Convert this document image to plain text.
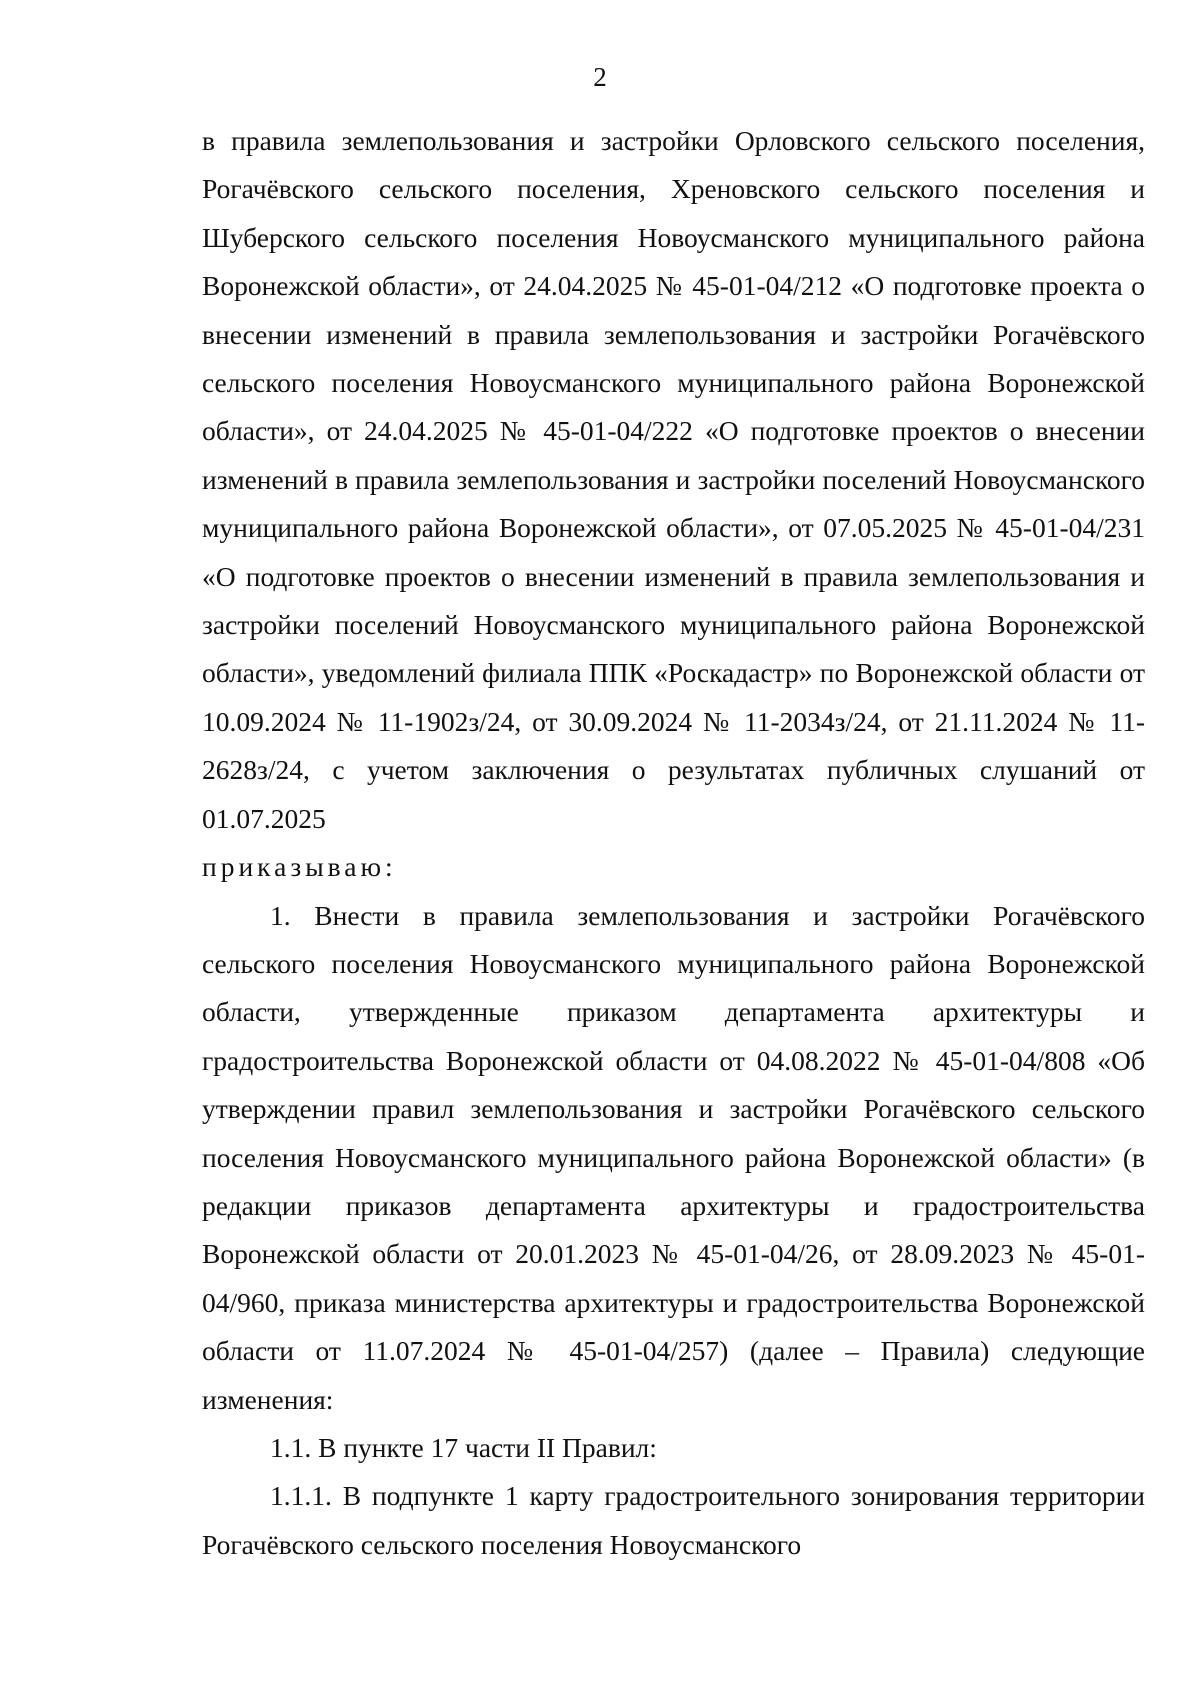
2

в правила землепользования и застройки Орловского сельского поселения, Рогачёвского сельского поселения, Хреновского сельского поселения и Шуберского сельского поселения Новоусманского муниципального района Воронежской области», от 24.04.2025 № 45-01-04/212 «О подготовке проекта о внесении изменений в правила землепользования и застройки Рогачёвского сельского поселения Новоусманского муниципального района Воронежской области», от 24.04.2025 № 45-01-04/222 «О подготовке проектов о внесении изменений в правила землепользования и застройки поселений Новоусманского муниципального района Воронежской области», от 07.05.2025 № 45-01-04/231 «О подготовке проектов о внесении изменений в правила землепользования и застройки поселений Новоусманского муниципального района Воронежской области», уведомлений филиала ППК «Роскадастр» по Воронежской области от 10.09.2024 № 11-1902з/24, от 30.09.2024 № 11-2034з/24, от 21.11.2024 № 11-2628з/24, с учетом заключения о результатах публичных слушаний от 01.07.2025

приказываю:

1. Внести в правила землепользования и застройки Рогачёвского сельского поселения Новоусманского муниципального района Воронежской области, утвержденные приказом департамента архитектуры и градостроительства Воронежской области от 04.08.2022 № 45-01-04/808 «Об утверждении правил землепользования и застройки Рогачёвского сельского поселения Новоусманского муниципального района Воронежской области» (в редакции приказов департамента архитектуры и градостроительства Воронежской области от 20.01.2023 № 45-01-04/26, от 28.09.2023 № 45-01-04/960, приказа министерства архитектуры и градостроительства Воронежской области от 11.07.2024 № 45-01-04/257) (далее – Правила) следующие изменения:

1.1. В пункте 17 части II Правил:

1.1.1. В подпункте 1 карту градостроительного зонирования территории Рогачёвского сельского поселения Новоусманского
